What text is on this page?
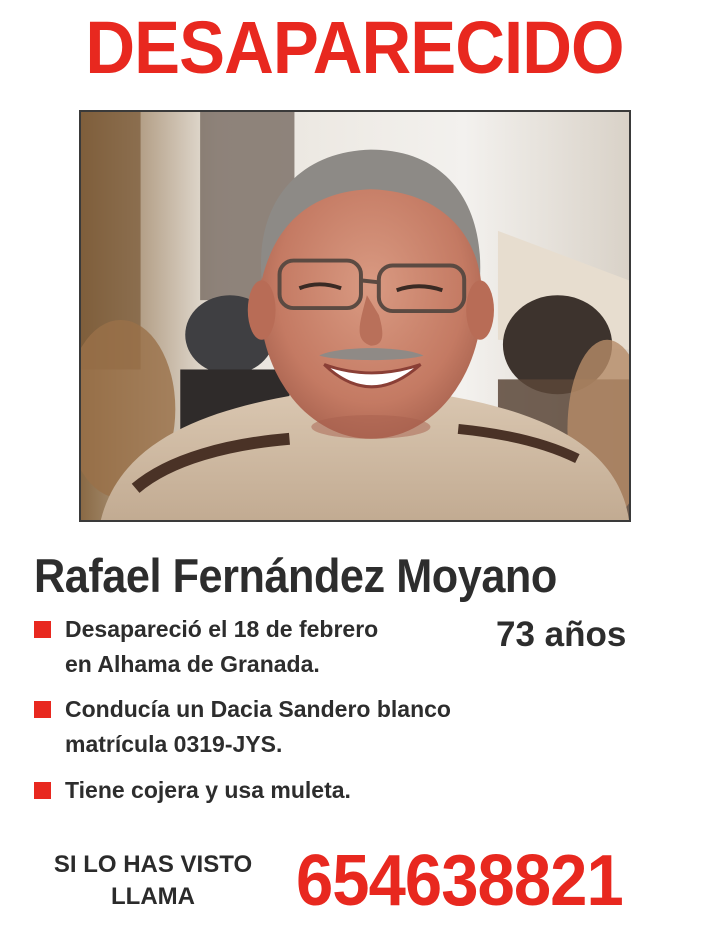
DESAPARECIDO
Rafael Fernández Moyano
73 años
Desapareció el 18 de febrero
en Alhama de Granada.
Conducía un Dacia Sandero blanco
matrícula 0319-JYS.
Tiene cojera y usa muleta.
SI LO HAS VISTO
LLAMA	654638821
